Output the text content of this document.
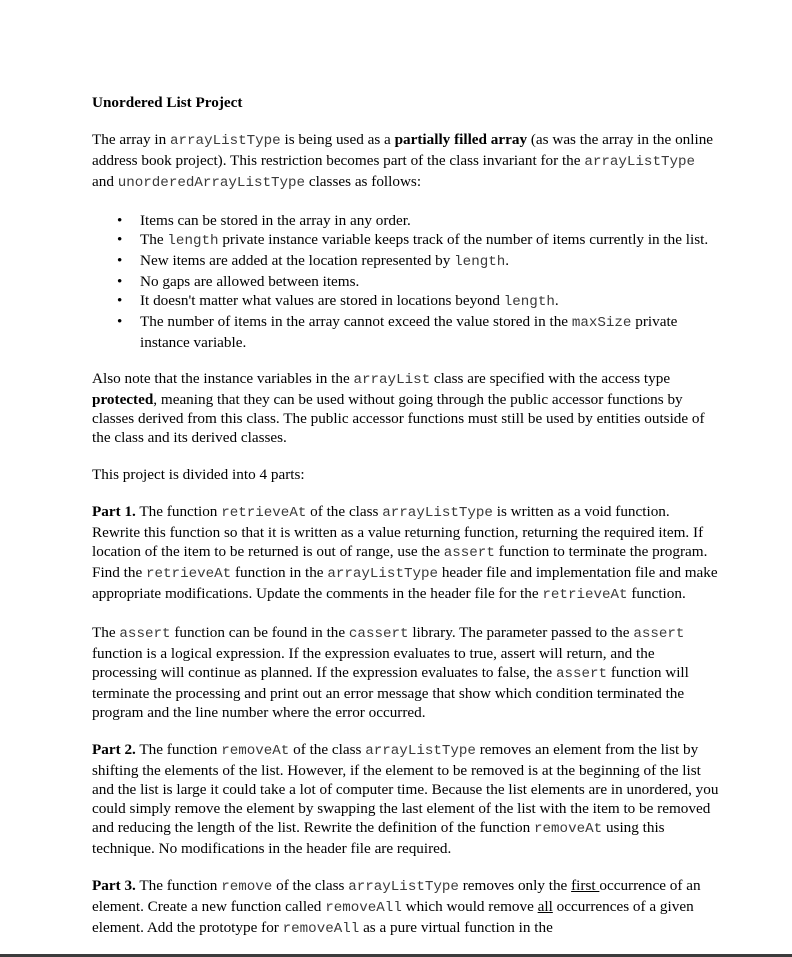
Unordered List Project

The array in arrayListType is being used as a partially filled array (as was the array in the online address book project). This restriction becomes part of the class invariant for the arrayListType and unorderedArrayListType classes as follows:

• Items can be stored in the array in any order.
• The length private instance variable keeps track of the number of items currently in the list.
• New items are added at the location represented by length.
• No gaps are allowed between items.
• It doesn't matter what values are stored in locations beyond length.
• The number of items in the array cannot exceed the value stored in the maxSize private instance variable.

Also note that the instance variables in the arrayList class are specified with the access type protected, meaning that they can be used without going through the public accessor functions by classes derived from this class. The public accessor functions must still be used by entities outside of the class and its derived classes.

This project is divided into 4 parts:

Part 1. The function retrieveAt of the class arrayListType is written as a void function. Rewrite this function so that it is written as a value returning function, returning the required item. If location of the item to be returned is out of range, use the assert function to terminate the program. Find the retrieveAt function in the arrayListType header file and implementation file and make appropriate modifications. Update the comments in the header file for the retrieveAt function.

The assert function can be found in the cassert library. The parameter passed to the assert function is a logical expression. If the expression evaluates to true, assert will return, and the processing will continue as planned. If the expression evaluates to false, the assert function will terminate the processing and print out an error message that show which condition terminated the program and the line number where the error occurred.

Part 2. The function removeAt of the class arrayListType removes an element from the list by shifting the elements of the list. However, if the element to be removed is at the beginning of the list and the list is large it could take a lot of computer time. Because the list elements are in unordered, you could simply remove the element by swapping the last element of the list with the item to be removed and reducing the length of the list. Rewrite the definition of the function removeAt using this technique. No modifications in the header file are required.

Part 3. The function remove of the class arrayListType removes only the first occurrence of an element. Create a new function called removeAll which would remove all occurrences of a given element. Add the prototype for removeAll as a pure virtual function in the
